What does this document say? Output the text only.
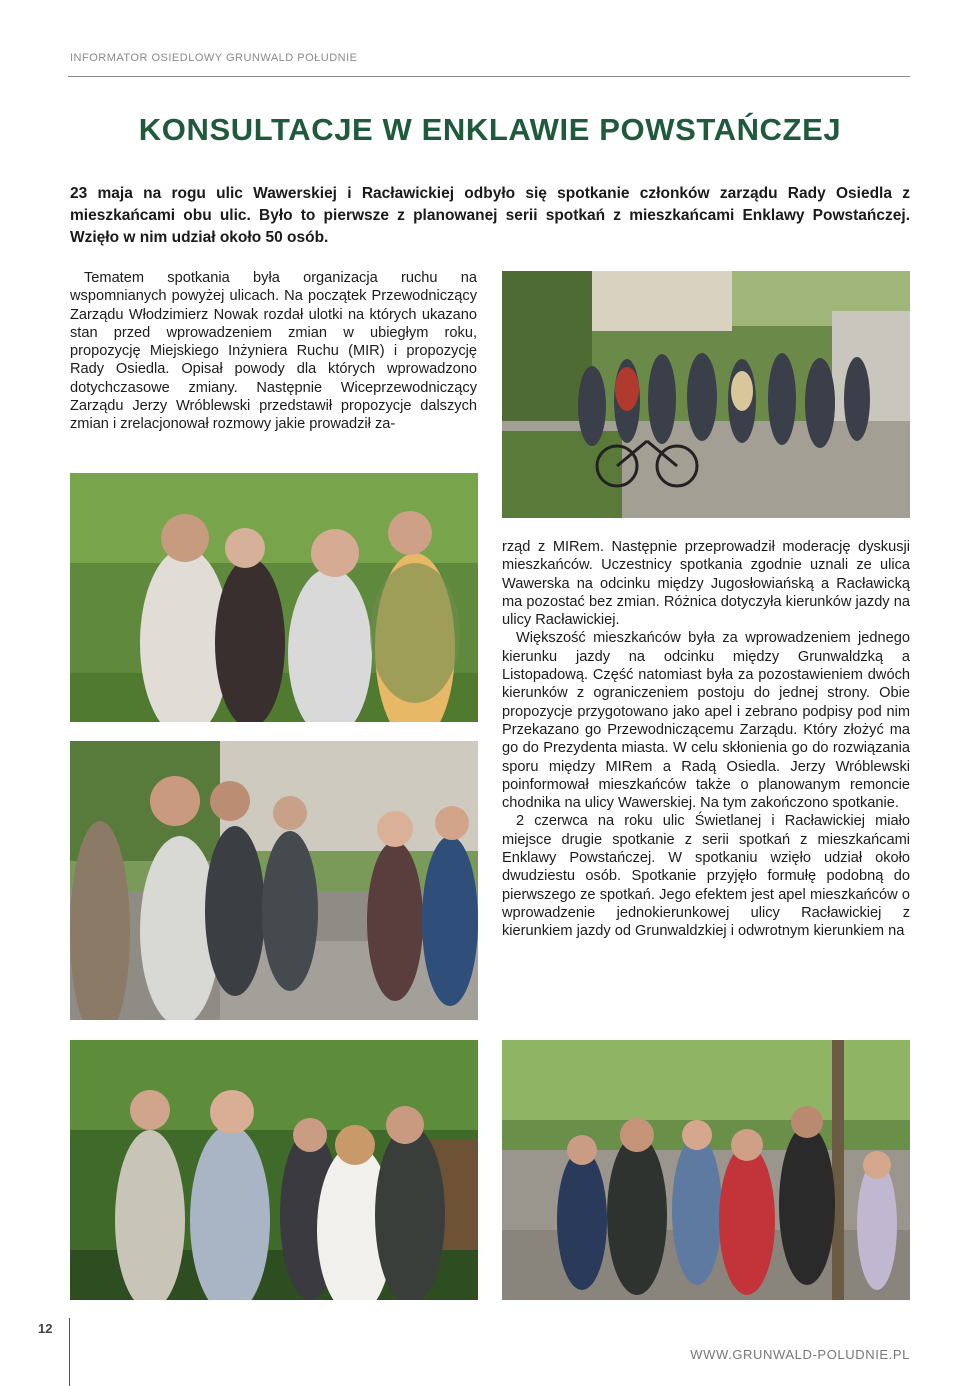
INFORMATOR OSIEDLOWY GRUNWALD POŁUDNIE
KONSULTACJE W ENKLAWIE POWSTAŃCZEJ
23 maja na rogu ulic Wawerskiej i Racławickiej odbyło się spotkanie członków zarządu Rady Osiedla z mieszkańcami obu ulic. Było to pierwsze z planowanej serii spotkań z mieszkańcami Enklawy Powstańczej. Wzięło w nim udział około 50 osób.

Tematem spotkania była organizacja ruchu na wspomnianych powyżej ulicach. Na początek Przewodniczący Zarządu Włodzimierz Nowak rozdał ulotki na których ukazano stan przed wprowadzeniem zmian w ubiegłym roku, propozycję Miejskiego Inżyniera Ruchu (MIR) i propozycję Rady Osiedla. Opisał powody dla których wprowadzono dotychczasowe zmiany. Następnie Wiceprzewodniczący Zarządu Jerzy Wróblewski przedstawił propozycje dalszych zmian i zrelacjonował rozmowy jakie prowadził za-

rząd z MIRem. Następnie przeprowadził moderację dyskusji mieszkańców. Uczestnicy spotkania zgodnie uznali ze ulica Wawerska na odcinku między Jugosłowiańską a Racławicką ma pozostać bez zmian. Różnica dotyczyła kierunków jazdy na ulicy Racławickiej.

Większość mieszkańców była za wprowadzeniem jednego kierunku jazdy na odcinku między Grunwaldzką a Listopadową. Część natomiast była za pozostawieniem dwóch kierunków z ograniczeniem postoju do jednej strony. Obie propozycje przygotowano jako apel i zebrano podpisy pod nim Przekazano go Przewodniczącemu Zarządu. Który złożyć ma go do Prezydenta miasta. W celu skłonienia go do rozwiązania sporu między MIRem a Radą Osiedla. Jerzy Wróblewski poinformował mieszkańców także o planowanym remoncie chodnika na ulicy Wawerskiej. Na tym zakończono spotkanie.

2 czerwca na roku ulic Świetlanej i Racławickiej miało miejsce drugie spotkanie z serii spotkań z mieszkańcami Enklawy Powstańczej. W spotkaniu wzięło udział około dwudziestu osób. Spotkanie przyjęło formułę podobną do pierwszego ze spotkań. Jego efektem jest apel mieszkańców o wprowadzenie jednokierunkowej ulicy Racławickiej z kierunkiem jazdy od Grunwaldzkiej i odwrotnym kierunkiem na

12
WWW.GRUNWALD-POLUDNIE.PL
